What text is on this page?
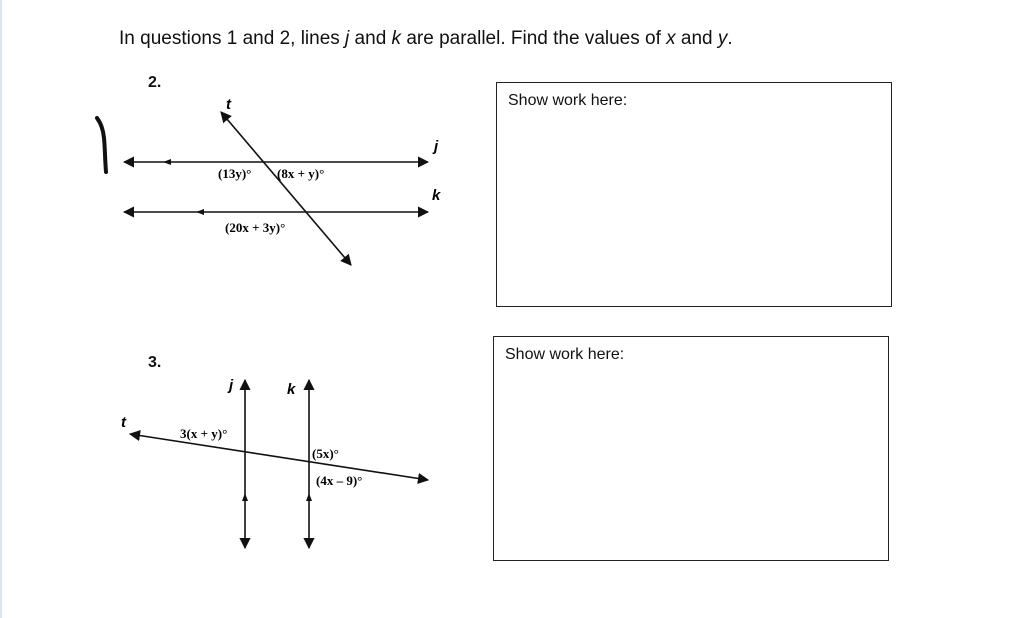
In questions 1 and 2, lines j and k are parallel. Find the values of x and y.
2.
3.
Show work here:
Show work here:
t
j
k
(13y)° (8x + y)°
(20x + 3y)°
j	k
t
3(x + y)°
(5x)°
(4x – 9)°
